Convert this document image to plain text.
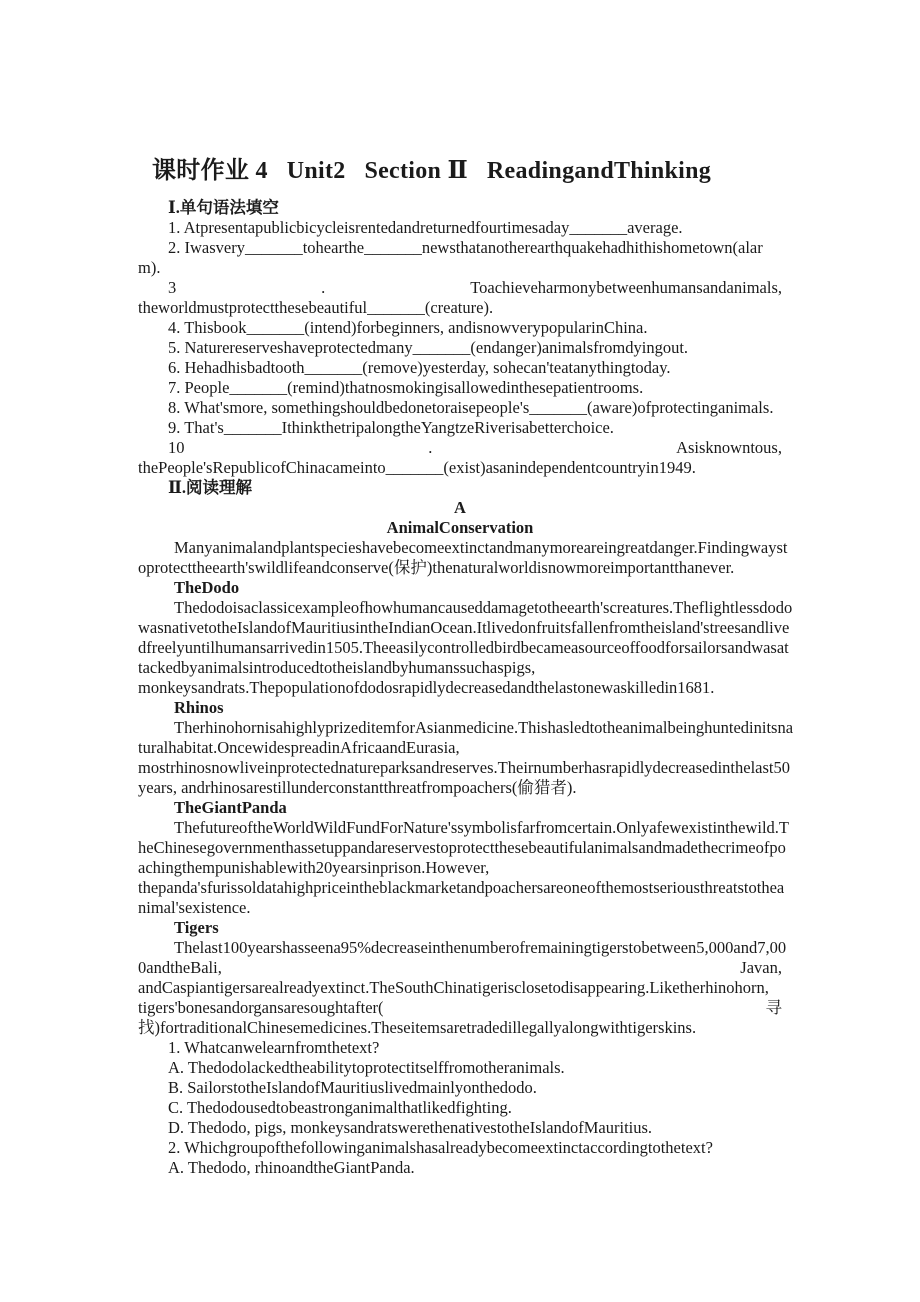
课时作业 4   Unit2   Section Ⅱ   ReadingandThinking
Ⅰ.单句语法填空
1. Atpresentapublicbicycleisrentedandreturnedfourtimesaday_______average.
2. Iwasvery_______tohearthe_______newsthatanotherearthquakehadhithishometown(alar
m).
3	.	Toachieveharmonybetweenhumansandanimals,
theworldmustprotectthesebeautiful_______(creature).
4. Thisbook_______(intend)forbeginners, andisnowverypopularinChina.
5. Naturereserveshaveprotectedmany_______(endanger)animalsfromdyingout.
6. Hehadhisbadtooth_______(remove)yesterday, sohecan'teatanythingtoday.
7. People_______(remind)thatnosmokingisallowedinthesepatientrooms.
8. What'smore, somethingshouldbedonetoraisepeople's_______(aware)ofprotectinganimals.
9. That's_______IthinkthetripalongtheYangtzeRiverisabetterchoice.
10	.	Asisknowntous,
thePeople'sRepublicofChinacameinto_______(exist)asanindependentcountryin1949.
Ⅱ.阅读理解
A
AnimalConservation
Manyanimalandplantspecieshavebecomeextinctandmanymoreareingreatdanger.Findingwayst
oprotecttheearth'swildlifeandconserve(保护)thenaturalworldisnowmoreimportantthanever.
TheDodo
Thedodoisaclassicexampleofhowhumancauseddamagetotheearth'screatures.Theflightlessdodo
wasnativetotheIslandofMauritiusintheIndianOcean.Itlivedonfruitsfallenfromtheisland'streesandlive
dfreelyuntilhumansarrivedin1505.Theeasilycontrolledbirdbecameasourceoffoodforsailorsandwasat
tackedbyanimalsintroducedtotheislandbyhumanssuchaspigs,
monkeysandrats.Thepopulationofdodosrapidlydecreasedandthelastonewaskilledin1681.
Rhinos
TherhinohornisahighlyprizeditemforAsianmedicine.Thishasledtotheanimalbeinghuntedinitsna
turalhabitat.OncewidespreadinAfricaandEurasia,
mostrhinosnowliveinprotectednatureparksandreserves.Theirnumberhasrapidlydecreasedinthelast50
years, andrhinosarestillunderconstantthreatfrompoachers(偷猎者).
TheGiantPanda
ThefutureoftheWorldWildFundForNature'ssymbolisfarfromcertain.Onlyafewexistinthewild.T
heChinesegovernmenthassetuppandareservestoprotectthesebeautifulanimalsandmadethecrimeofpo
achingthempunishablewith20yearsinprison.However,
thepanda'sfurissoldatahighpriceintheblackmarketandpoachersareoneofthemostseriousthreatstothea
nimal'sexistence.
Tigers
Thelast100yearshasseena95%decreaseinthenumberofremainingtigerstobetween5,000and7,00
0andtheBali,	Javan,
andCaspiantigersarealreadyextinct.TheSouthChinatigerisclosetodisappearing.Liketherhinohorn,
tigers'bonesandorgansaresoughtafter(	寻
找)fortraditionalChinesemedicines.Theseitemsaretradedillegallyalongwithtigerskins.
1. Whatcanwelearnfromthetext?
A. Thedodolackedtheabilitytoprotectitselffromotheranimals.
B. SailorstotheIslandofMauritiuslivedmainlyonthedodo.
C. Thedodousedtobeastronganimalthatlikedfighting.
D. Thedodo, pigs, monkeysandratswerethenativestotheIslandofMauritius.
2. Whichgroupofthefollowinganimalshasalreadybecomeextinctaccordingtothetext?
A. Thedodo, rhinoandtheGiantPanda.
